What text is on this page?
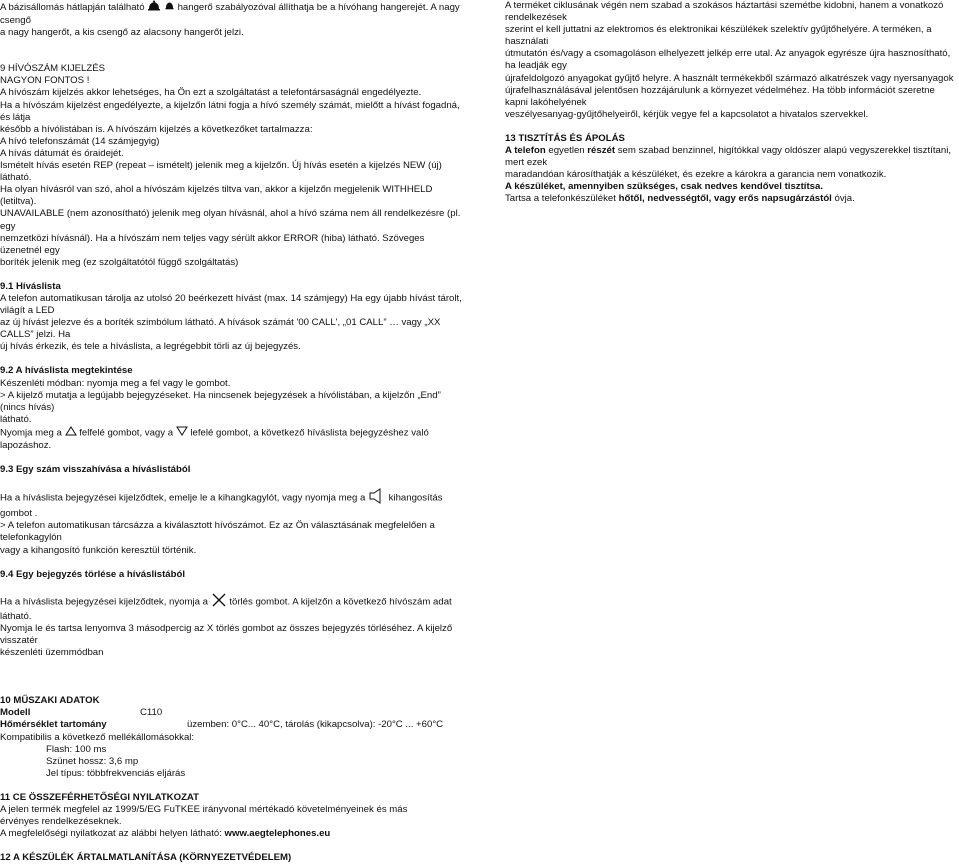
A bázisállomás hátlapján található	hangerő szabályozóval állíthatja be a hívóhang hangerejét. A nagy csengő

a nagy hangerőt, a kis csengő az alacsony hangerőt jelzi.

9 HÍVÓSZÁM KIJELZÉS

NAGYON FONTOS !

A hívószám kijelzés akkor lehetséges, ha Ön ezt a szolgáltatást a telefontársaságnál engedélyezte.

Ha a hívószám kijelzést engedélyezte, a kijelzőn látni fogja a hívó személy számát, mielőtt a hívást fogadná, és látja

később a hívólistában is. A hívószám kijelzés a következőket tartalmazza:

A hívó telefonszámát (14 számjegyig)

A hívás dátumát és óraidejét.

Ismételt hívás esetén REP (repeat – ismételt) jelenik meg a kijelzőn. Új hívás esetén a kijelzés NEW (új) látható.

Ha olyan hívásról van szó, ahol a hívószám kijelzés tiltva van, akkor a kijelzőn megjelenik WITHHELD (letiltva).

UNAVAILABLE (nem azonosítható) jelenik meg olyan hívásnál, ahol a hívó száma nem áll rendelkezésre (pl. egy

nemzetközi hívásnál). Ha a hívószám nem teljes vagy sérült akkor ERROR (hiba) látható. Szöveges üzenetnél egy

boríték jelenik meg (ez szolgáltatótól függő szolgáltatás)

9.1 Híváslista

A telefon automatikusan tárolja az utolsó 20 beérkezett hívást (max. 14 számjegy) Ha egy újabb hívást tárolt, világít a LED

az új hívást jelezve és a boríték szimbólum látható. A hívások számát '00 CALL', „01 CALL” … vagy „XX CALLS” jelzi. Ha

új hívás érkezik, és tele a híváslista, a legrégebbit törli az új bejegyzés.

9.2 A híváslista megtekintése

Készenléti módban: nyomja meg a fel vagy le gombot.

> A kijelző mutatja a legújabb bejegyzéseket. Ha nincsenek bejegyzések a hívólistában, a kijelzőn „End” (nincs hívás)

látható.

Nyomja meg a felfelé gombot, vagy a lefelé gombot, a következő híváslista bejegyzéshez való lapozáshoz.

9.3 Egy szám visszahívása a híváslistából

Ha a híváslista bejegyzései kijelződtek, emelje le a kihangkagylót, vagy nyomja meg a kihangosítás gombot .

> A telefon automatikusan tárcsázza a kiválasztott hívószámot. Ez az Ön választásának megfelelően a telefonkagylón

vagy a kihangosító funkción keresztül történik.

9.4 Egy bejegyzés törlése a híváslistából

Ha a híváslista bejegyzései kijelződtek, nyomja a törlés gombot. A kijelzőn a következő hívószám adat látható.

Nyomja le és tartsa lenyomva 3 másodpercig az X törlés gombot az összes bejegyzés törléséhez. A kijelző visszatér

készenléti üzemmódban

10 MŰSZAKI ADATOK

Modell	C110
Hőmérséklet tartomány	üzemben: 0°C... 40°C, tárolás (kikapcsolva): -20°C ... +60°C

Kompatibilis a következő mellékállomásokkal:

Flash: 100 ms

Szünet hossz: 3,6 mp

Jel típus: többfrekvenciás eljárás

11 CE ÖSSZEFÉRHETŐSÉGI NYILATKOZAT

A jelen termék megfelel az 1999/5/EG FuTKEE irányvonal mértékadó követelményeinek és más

érvényes rendelkezéseknek.

A megfelelőségi nyilatkozat az alábbi helyen látható: www.aegtelephones.eu

12 A KÉSZÜLÉK ÁRTALMATLANÍTÁSA (KÖRNYEZETVÉDELEM)

A terméket ciklusának végén nem szabad a szokásos háztartási szemétbe kidobni, hanem a vonatkozó rendelkezések

szerint el kell juttatni az elektromos és elektronikai készülékek szelektív gyűjtőhelyére. A terméken, a használati

útmutatón és/vagy a csomagoláson elhelyezett jelkép erre utal. Az anyagok egyrésze újra hasznosítható, ha leadják egy

újrafeldolgozó anyagokat gyűjtő helyre. A használt termékekből származó alkatrészek vagy nyersanyagok

újrafelhasználásával jelentősen hozzájárulunk a környezet védelméhez. Ha több információt szeretne kapni lakóhelyének

veszélyesanyag-gyűjtőhelyeiről, kérjük vegye fel a kapcsolatot a hivatalos szervekkel.

13 TISZTÍTÁS ÉS ÁPOLÁS

A telefon egyetlen részét sem szabad benzinnel, higítókkal vagy oldószer alapú vegyszerekkel tisztítani, mert ezek

maradandóan károsíthatják a készüléket, és ezekre a károkra a garancia nem vonatkozik.

A készüléket, amennyiben szükséges, csak nedves kendővel tisztítsa.

Tartsa a telefonkészüléket hőtől, nedvességtől, vagy erős napsugárzástól óvja.
